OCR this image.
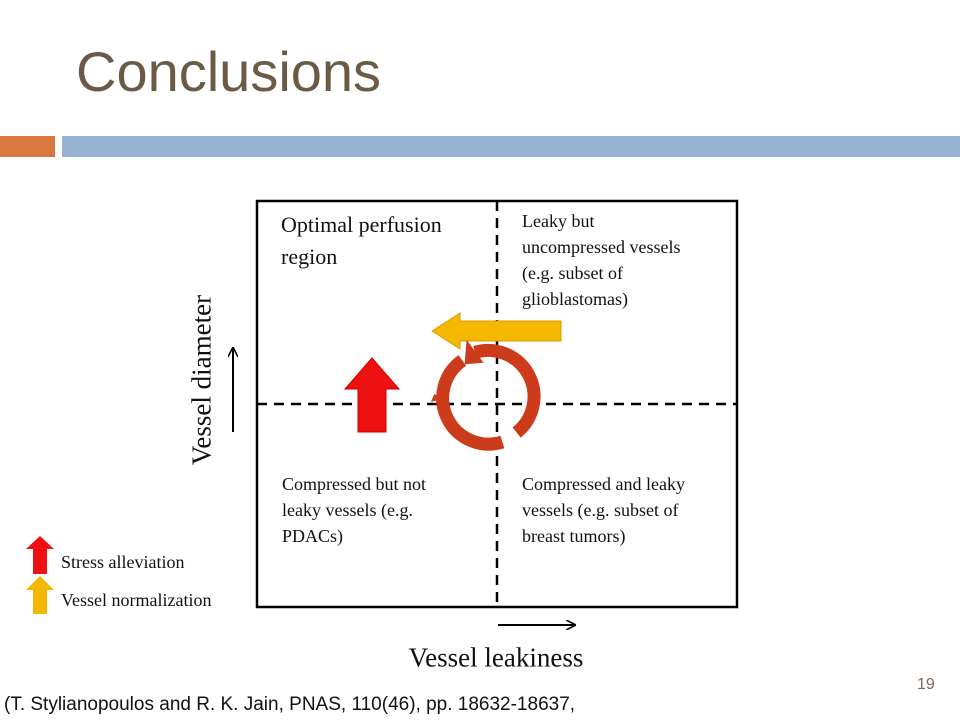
Conclusions
Optimal perfusion
region
Leaky but
uncompressed vessels
(e.g. subset of
glioblastomas)
Compressed but not
leaky vessels (e.g.
PDACs)
Compressed and leaky
vessels (e.g. subset of
breast tumors)
Vessel diameter
Vessel leakiness
Stress alleviation
Vessel normalization
19
(T. Stylianopoulos and R. K. Jain, PNAS, 110(46), pp. 18632-18637,
